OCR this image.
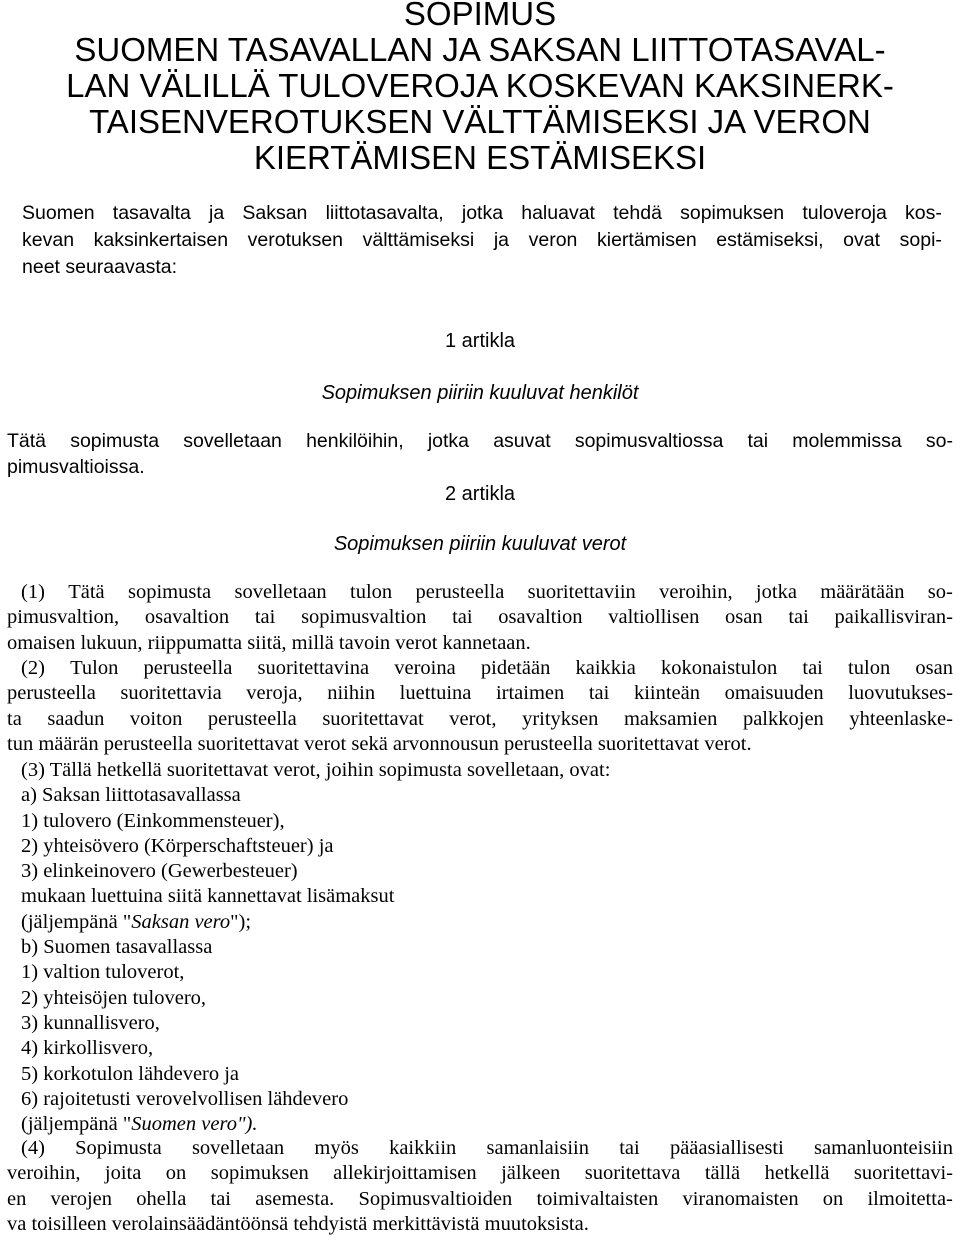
SOPIMUS
SUOMEN TASAVALLAN JA SAKSAN LIITTOTASAVAL-
LAN VÄLILLÄ TULOVEROJA KOSKEVAN KAKSINERK-
TAISENVEROTUKSEN VÄLTTÄMISEKSI JA VERON
KIERTÄMISEN ESTÄMISEKSI
Suomen tasavalta ja Saksan liittotasavalta, jotka haluavat tehdä sopimuksen tuloveroja kos-
kevan kaksinkertaisen verotuksen välttämiseksi ja veron kiertämisen estämiseksi, ovat sopi-
neet seuraavasta:
1 artikla
Sopimuksen piiriin kuuluvat henkilöt
Tätä sopimusta sovelletaan henkilöihin, jotka asuvat sopimusvaltiossa tai molemmissa so-
pimusvaltioissa.
2 artikla
Sopimuksen piiriin kuuluvat verot
(1) Tätä sopimusta sovelletaan tulon perusteella suoritettaviin veroihin, jotka määrätään so-
pimusvaltion, osavaltion tai sopimusvaltion tai osavaltion valtiollisen osan tai paikallisviran-
omaisen lukuun, riippumatta siitä, millä tavoin verot kannetaan.
(2) Tulon perusteella suoritettavina veroina pidetään kaikkia kokonaistulon tai tulon osan
perusteella suoritettavia veroja, niihin luettuina irtaimen tai kiinteän omaisuuden luovutukses-
ta saadun voiton perusteella suoritettavat verot, yrityksen maksamien palkkojen yhteenlaske-
tun määrän perusteella suoritettavat verot sekä arvonnousun perusteella suoritettavat verot.
(3) Tällä hetkellä suoritettavat verot, joihin sopimusta sovelletaan, ovat:
a) Saksan liittotasavallassa
1) tulovero (Einkommensteuer),
2) yhteisövero (Körperschaftsteuer) ja
3) elinkeinovero (Gewerbesteuer)
mukaan luettuina siitä kannettavat lisämaksut
(jäljempänä "Saksan vero");
b) Suomen tasavallassa
1) valtion tuloverot,
2) yhteisöjen tulovero,
3) kunnallisvero,
4) kirkollisvero,
5) korkotulon lähdevero ja
6) rajoitetusti verovelvollisen lähdevero
(jäljempänä "Suomen vero").
(4) Sopimusta sovelletaan myös kaikkiin samanlaisiin tai pääasiallisesti samanluonteisiin
veroihin, joita on sopimuksen allekirjoittamisen jälkeen suoritettava tällä hetkellä suoritettavi-
en verojen ohella tai asemesta. Sopimusvaltioiden toimivaltaisten viranomaisten on ilmoitetta-
va toisilleen verolainsäädäntöönsä tehdyistä merkittävistä muutoksista.
